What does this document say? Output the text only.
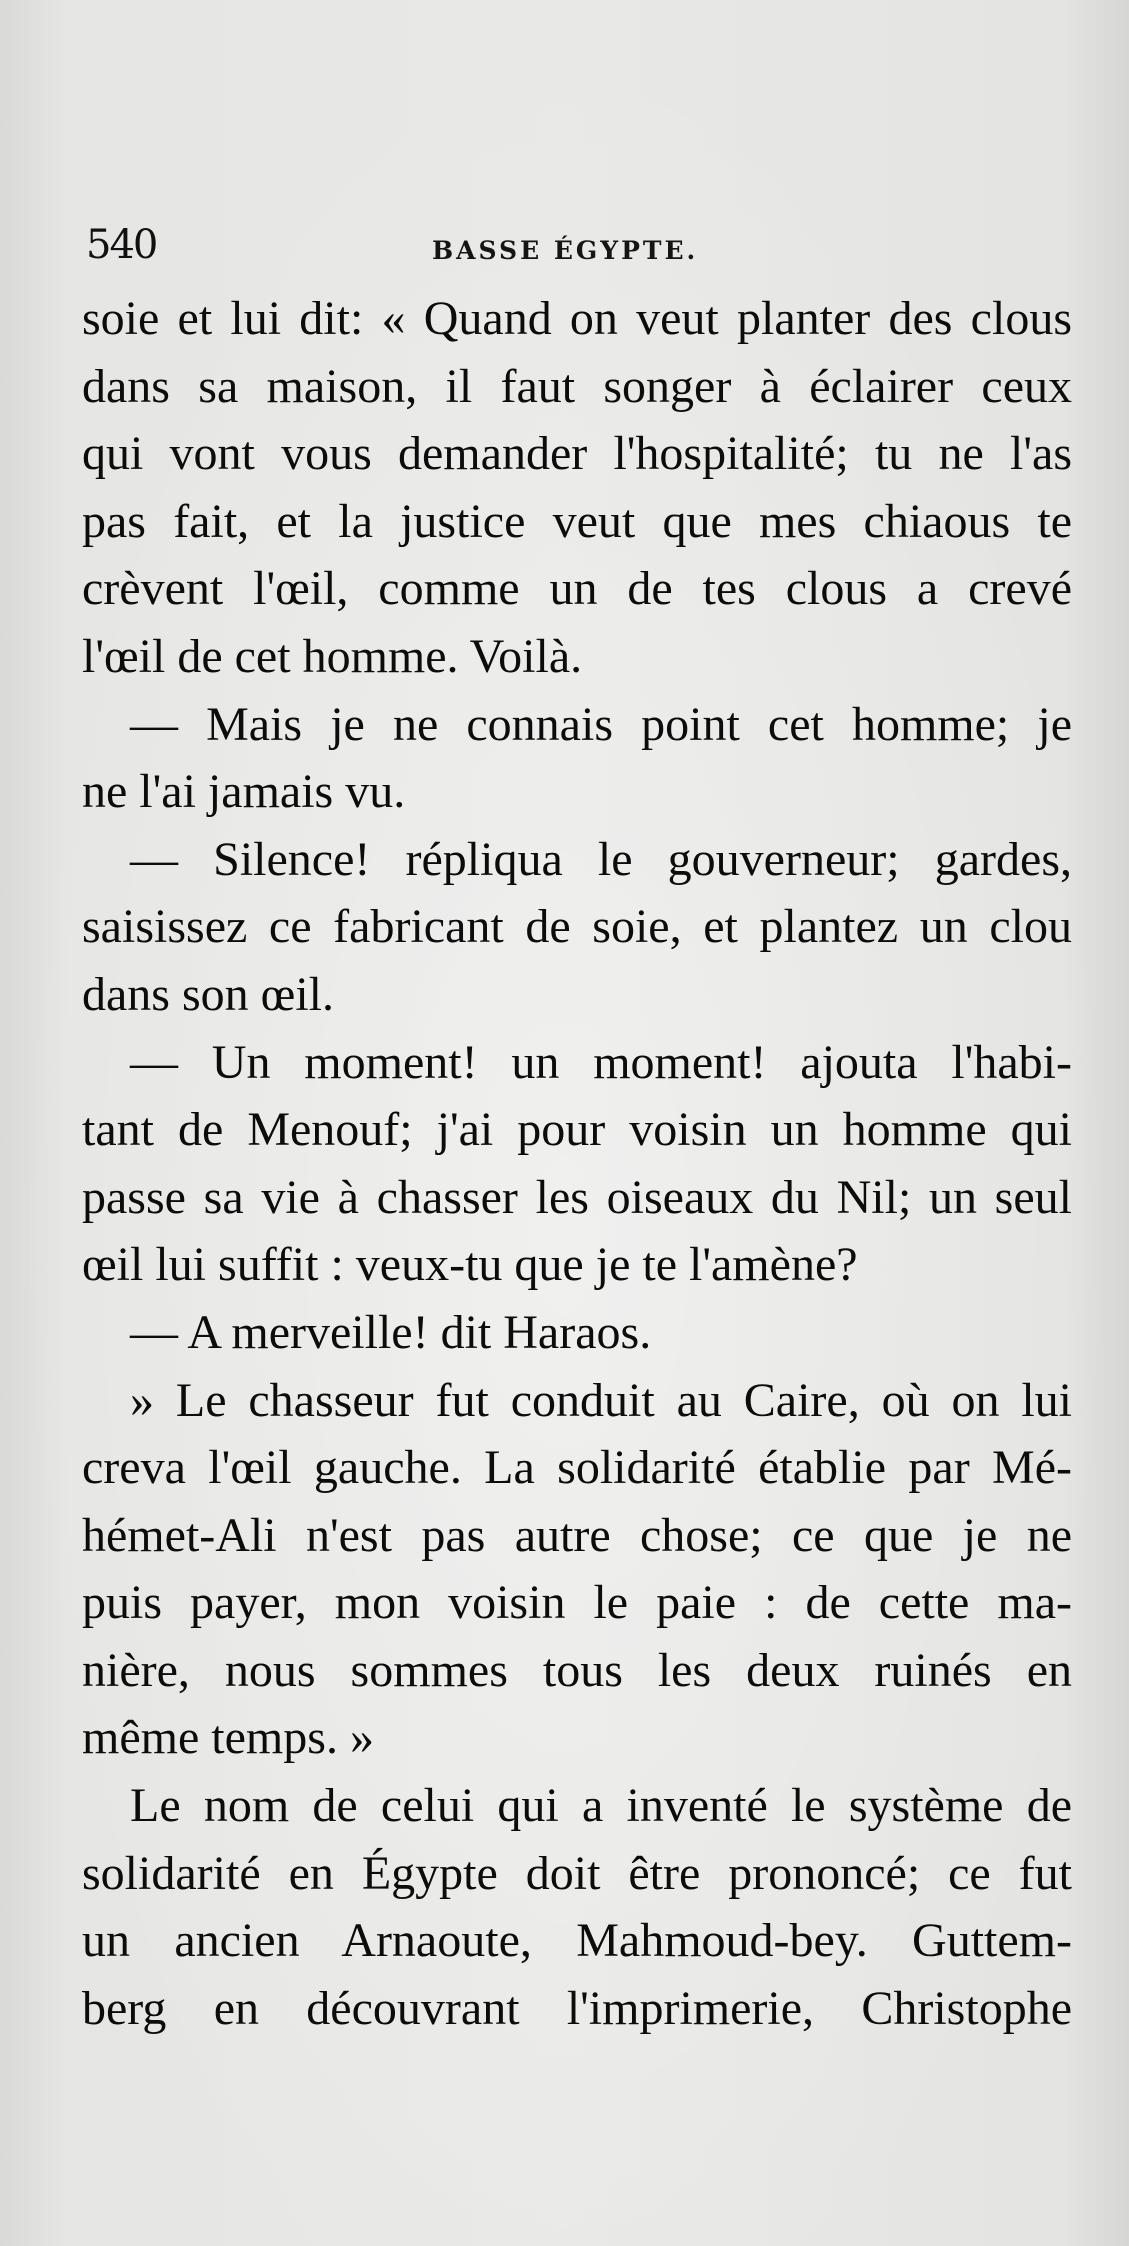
540	BASSE ÉGYPTE.
soie et lui dit: « Quand on veut planter des clous
dans sa maison, il faut songer à éclairer ceux
qui vont vous demander l'hospitalité; tu ne l'as
pas fait, et la justice veut que mes chiaous te
crèvent l'œil, comme un de tes clous a crevé
l'œil de cet homme. Voilà.
— Mais je ne connais point cet homme; je
ne l'ai jamais vu.
— Silence! répliqua le gouverneur; gardes,
saisissez ce fabricant de soie, et plantez un clou
dans son œil.
— Un moment! un moment! ajouta l'habi-
tant de Menouf; j'ai pour voisin un homme qui
passe sa vie à chasser les oiseaux du Nil; un seul
œil lui suffit : veux-tu que je te l'amène?
— A merveille! dit Haraos.
» Le chasseur fut conduit au Caire, où on lui
creva l'œil gauche. La solidarité établie par Mé-
hémet-Ali n'est pas autre chose; ce que je ne
puis payer, mon voisin le paie : de cette ma-
nière, nous sommes tous les deux ruinés en
même temps. »
Le nom de celui qui a inventé le système de
solidarité en Égypte doit être prononcé; ce fut
un ancien Arnaoute, Mahmoud-bey. Guttem-
berg en découvrant l'imprimerie, Christophe
